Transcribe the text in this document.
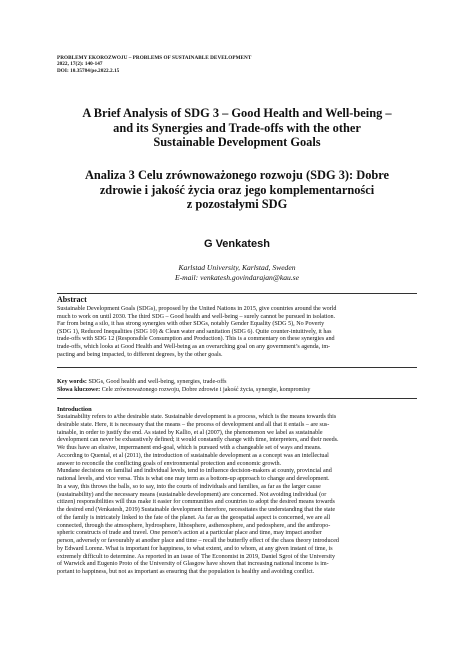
PROBLEMY EKOROZWOJU – PROBLEMS OF SUSTAINABLE DEVELOPMENT
2022, 17(2): 140-147
DOI: 10.35784/pe.2022.2.15
A Brief Analysis of SDG 3 – Good Health and Well-being –
and its Synergies and Trade-offs with the other
Sustainable Development Goals
Analiza 3 Celu zrównoważonego rozwoju (SDG 3): Dobre
zdrowie i jakość życia oraz jego komplementarności
z pozostałymi SDG
G Venkatesh
Karlstad University, Karlstad, Sweden
E-mail: venkatesh.govindarajan@kau.se
Abstract
Sustainable Development Goals (SDGs), proposed by the United Nations in 2015, give countries around the world
much to work on until 2030. The third SDG – Good health and well-being – surely cannot be pursued in isolation.
Far from being a silo, it has strong synergies with other SDGs, notably Gender Equality (SDG 5), No Poverty
(SDG 1), Reduced Inequalities (SDG 10) & Clean water and sanitation (SDG 6). Quite counter-intuitively, it has
trade-offs with SDG 12 (Responsible Consumption and Production). This is a commentary on these synergies and
trade-offs, which looks at Good Health and Well-being as an overarching goal on any government’s agenda, im-
pacting and being impacted, to different degrees, by the other goals.
Key words: SDGs, Good health and well-being, synergies, trade-offs
Słowa kluczowe: Cele zrównoważonego rozwoju, Dobre zdrowie i jakość życia, synergie, kompromisy
Introduction
Sustainability refers to a/the desirable state. Sustainable development is a process, which is the means towards this
desirable state. Here, it is necessary that the means – the process of development and all that it entails – are sus-
tainable, in order to justify the end. As stated by Kallio, et al (2007), the phenomenon we label as sustainable
development can never be exhaustively defined; it would constantly change with time, interpreters, and their needs.
We thus have an elusive, impermanent end-goal, which is pursued with a changeable set of ways and means.
According to Quental, et al (2011), the introduction of sustainable development as a concept was an intellectual
answer to reconcile the conflicting goals of environmental protection and economic growth.
Mundane decisions on familial and individual levels, tend to influence decision-makers at county, provincial and
national levels, and vice versa. This is what one may term as a bottom-up approach to change and development.
In a way, this throws the balls, so to say, into the courts of individuals and families, as far as the larger cause
(sustainability) and the necessary means (sustainable development) are concerned. Not avoiding individual (or
citizen) responsibilities will thus make it easier for communities and countries to adopt the desired means towards
the desired end (Venkatesh, 2019) Sustainable development therefore, necessitates the understanding that the state
of the family is intricately linked to the fate of the planet. As far as the geospatial aspect is concerned, we are all
connected, through the atmosphere, hydrosphere, lithosphere, asthenosphere, and pedosphere, and the anthropo-
spheric constructs of trade and travel. One person’s action at a particular place and time, may impact another
person, adversely or favourably at another place and time – recall the butterfly effect of the chaos theory introduced
by Edward Lorenz. What is important for happiness, to what extent, and to whom, at any given instant of time, is
extremely difficult to determine. As reported in an issue of The Economist in 2019, Daniel Sgroi of the University
of Warwick and Eugenio Proto of the University of Glasgow have shown that increasing national income is im-
portant to happiness, but not as important as ensuring that the population is healthy and avoiding conflict.
